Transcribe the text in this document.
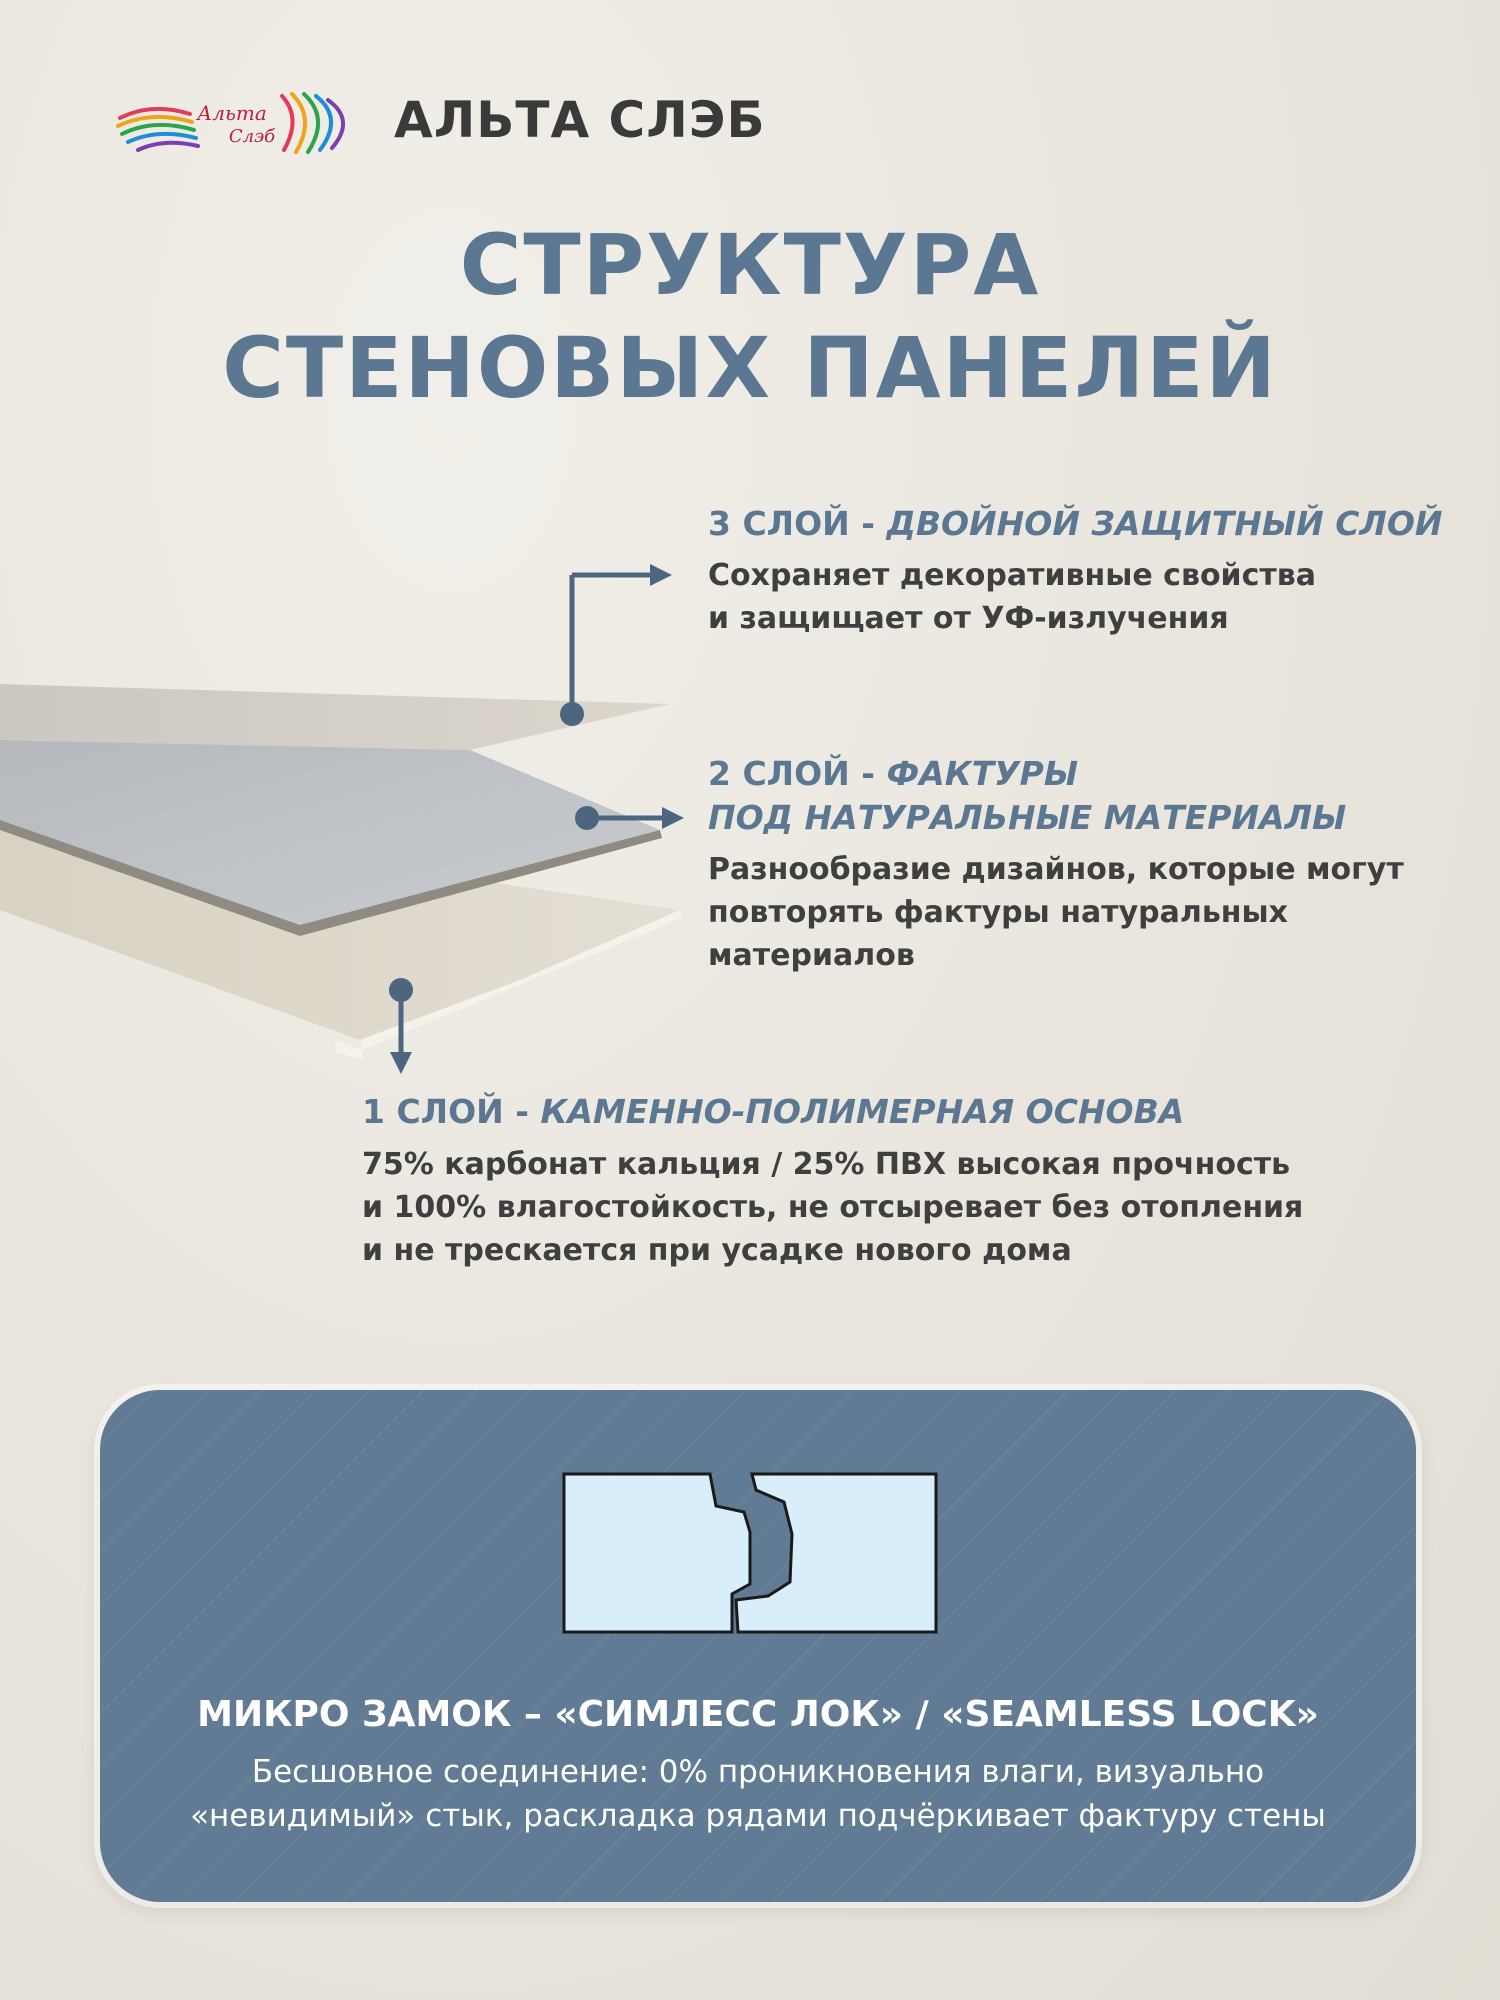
Альта
Слэб АЛЬТА СЛЭБ
СТРУКТУРА
СТЕНОВЫХ ПАНЕЛЕЙ
3 СЛОЙ - ДВОЙНОЙ ЗАЩИТНЫЙ СЛОЙ
Сохраняет декоративные свойства
и защищает от УФ-излучения
2 СЛОЙ - ФАКТУРЫ
ПОД НАТУРАЛЬНЫЕ МАТЕРИАЛЫ
Разнообразие дизайнов, которые могут
повторять фактуры натуральных
материалов
1 СЛОЙ - КАМЕННО-ПОЛИМЕРНАЯ ОСНОВА
75% карбонат кальция / 25% ПВХ высокая прочность
и 100% влагостойкость, не отсыревает без отопления
и не трескается при усадке нового дома
МИКРО ЗАМОК – «СИМЛЕСС ЛОК» / «SEAMLESS LOCK»
Бесшовное соединение: 0% проникновения влаги, визуально
«невидимый» стык, раскладка рядами подчёркивает фактуру стены
